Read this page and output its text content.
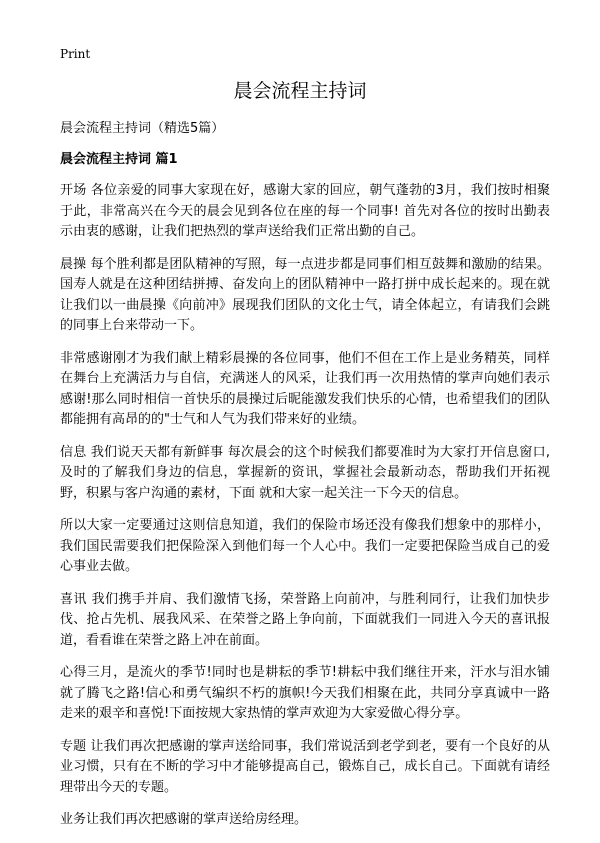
Print
晨会流程主持词
晨会流程主持词（精选5篇）
晨会流程主持词 篇1

开场 各位亲爱的同事大家现在好，感谢大家的回应，朝气蓬勃的3月，我们按时相聚于此，非常高兴在今天的晨会见到各位在座的每一个同事! 首先对各位的按时出勤表示由衷的感谢，让我们把热烈的掌声送给我们正常出勤的自己。

晨操 每个胜利都是团队精神的写照，每一点进步都是同事们相互鼓舞和激励的结果。国寿人就是在这种团结拼搏、奋发向上的团队精神中一路打拼中成长起来的。现在就让我们以一曲晨操《向前冲》展现我们团队的文化士气，请全体起立，有请我们会跳的同事上台来带动一下。

非常感谢刚才为我们献上精彩晨操的各位同事，他们不但在工作上是业务精英，同样在舞台上充满活力与自信，充满迷人的风采，让我们再一次用热情的掌声向她们表示感谢!那么同时相信一首快乐的晨操过后昵能激发我们快乐的心情，也希望我们的团队都能拥有高昂的的"士气和人气为我们带来好的业绩。

信息 我们说天天都有新鲜事 每次晨会的这个时候我们都要准时为大家打开信息窗口,及时的了解我们身边的信息，掌握新的资讯，掌握社会最新动态，帮助我们开拓视野，积累与客户沟通的素材，下面 就和大家一起关注一下今天的信息。

所以大家一定要通过这则信息知道，我们的保险市场还没有像我们想象中的那样小，我们国民需要我们把保险深入到他们每一个人心中。我们一定要把保险当成自己的爱心事业去做。

喜讯 我们携手并肩、我们激情飞扬，荣誉路上向前冲，与胜利同行，让我们加快步伐、抢占先机、展我风采、在荣誉之路上争向前，下面就我们一同进入今天的喜讯报道，看看谁在荣誉之路上冲在前面。

心得三月，是流火的季节!同时也是耕耘的季节!耕耘中我们继往开来，汗水与泪水铺就了腾飞之路!信心和勇气编织不朽的旗帜!今天我们相聚在此，共同分享真诚中一路走来的艰辛和喜悦!下面按规大家热情的掌声欢迎为大家爱做心得分享。

专题 让我们再次把感谢的掌声送给同事，我们常说活到老学到老，要有一个良好的从业习惯，只有在不断的学习中才能够提高自己，锻炼自己，成长自己。下面就有请经理带出今天的专题。

业务让我们再次把感谢的掌声送给房经理。
